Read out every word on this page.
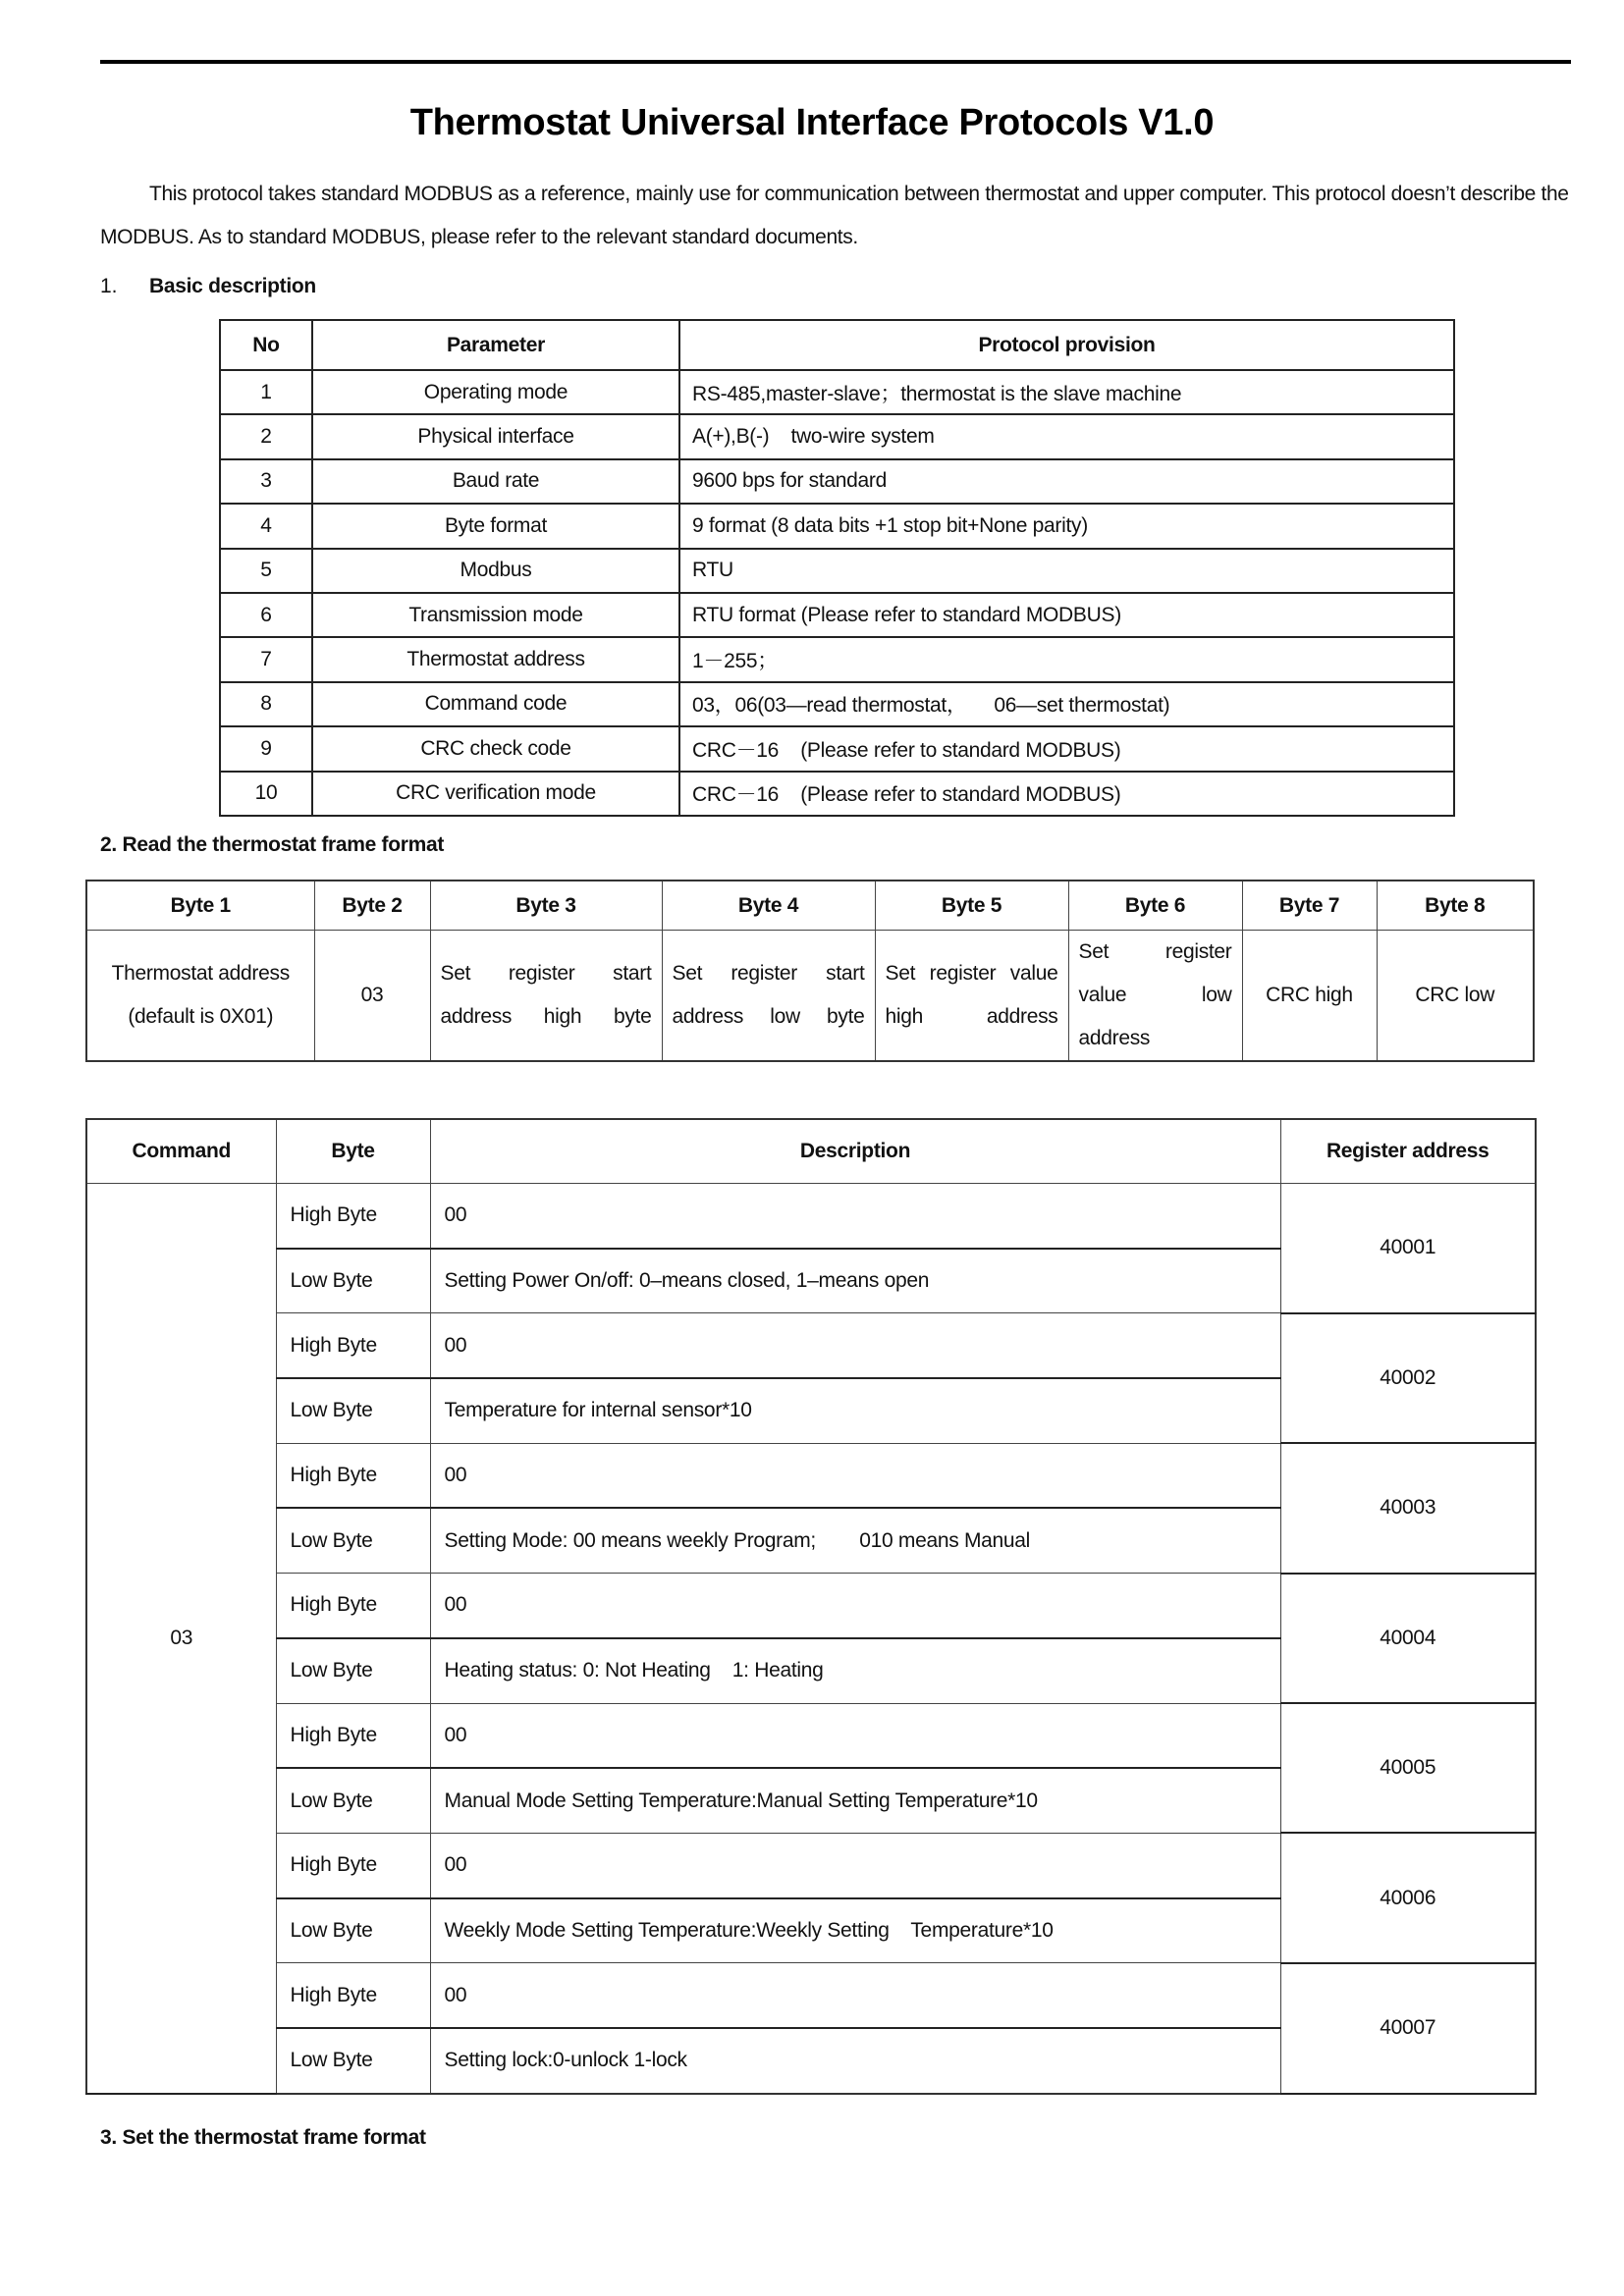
Thermostat Universal Interface Protocols V1.0
This protocol takes standard MODBUS as a reference, mainly use for communication between thermostat and upper computer. This protocol doesn’t describe the MODBUS. As to standard MODBUS, please refer to the relevant standard documents.
1. Basic description
No	Parameter	Protocol provision
1	Operating mode	RS-485,master-slave；thermostat is the slave machine
2	Physical interface	A(+),B(-)    two-wire system
3	Baud rate	9600 bps for standard
4	Byte format	9 format (8 data bits +1 stop bit+None parity)
5	Modbus	RTU
6	Transmission mode	RTU format (Please refer to standard MODBUS)
7	Thermostat address	1－255；
8	Command code	03，06(03—read thermostat，     06—set thermostat)
9	CRC check code	CRC－16    (Please refer to standard MODBUS)
10	CRC verification mode	CRC－16    (Please refer to standard MODBUS)
2. Read the thermostat frame format
Byte 1	Byte 2	Byte 3	Byte 4	Byte 5	Byte 6	Byte 7	Byte 8
Thermostat address (default is 0X01)	03	Set register start address high byte	Set register start address low byte	Set register value high address	Set register value low address	CRC high	CRC low
Command	Byte	Description	Register address
03	High Byte	00	40001
	Low Byte	Setting Power On/off: 0–means closed, 1–means open	
	High Byte	00	40002
	Low Byte	Temperature for internal sensor*10	
	High Byte	00	40003
	Low Byte	Setting Mode: 00 means weekly Program;        010 means Manual	
	High Byte	00	40004
	Low Byte	Heating status: 0: Not Heating    1: Heating	
	High Byte	00	40005
	Low Byte	Manual Mode Setting Temperature:Manual Setting Temperature*10	
	High Byte	00	40006
	Low Byte	Weekly Mode Setting Temperature:Weekly Setting    Temperature*10	
	High Byte	00	40007
	Low Byte	Setting lock:0-unlock 1-lock	
3. Set the thermostat frame format
